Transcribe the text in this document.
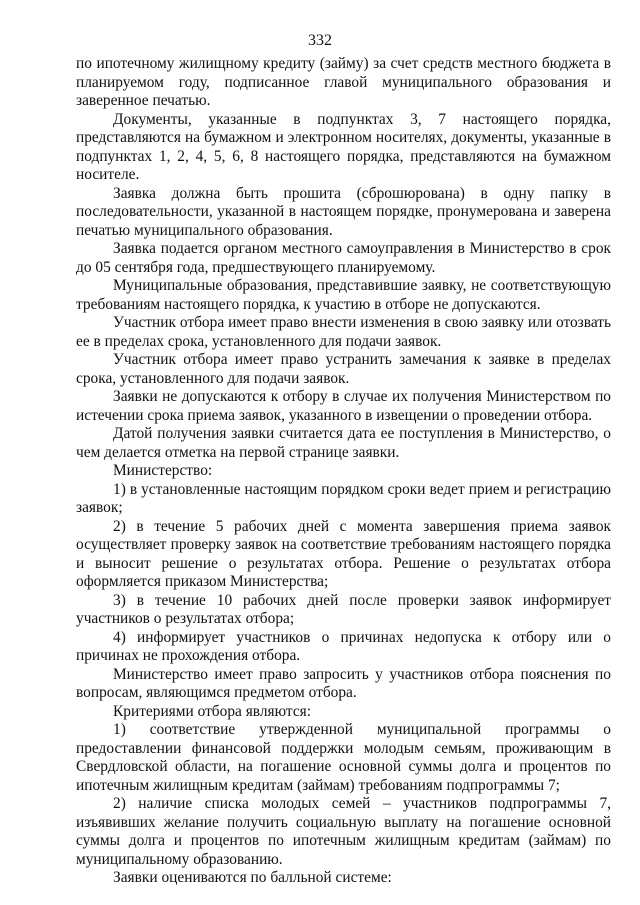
332

по ипотечному жилищному кредиту (займу) за счет средств местного бюджета в планируемом году, подписанное главой муниципального образования и заверенное печатью.

Документы, указанные в подпунктах 3, 7 настоящего порядка, представляются на бумажном и электронном носителях, документы, указанные в подпунктах 1, 2, 4, 5, 6, 8 настоящего порядка, представляются на бумажном носителе.

Заявка должна быть прошита (сброшюрована) в одну папку в последовательности, указанной в настоящем порядке, пронумерована и заверена печатью муниципального образования.

Заявка подается органом местного самоуправления в Министерство в срок до 05 сентября года, предшествующего планируемому.

Муниципальные образования, представившие заявку, не соответствующую требованиям настоящего порядка, к участию в отборе не допускаются.

Участник отбора имеет право внести изменения в свою заявку или отозвать ее в пределах срока, установленного для подачи заявок.

Участник отбора имеет право устранить замечания к заявке в пределах срока, установленного для подачи заявок.

Заявки не допускаются к отбору в случае их получения Министерством по истечении срока приема заявок, указанного в извещении о проведении отбора.

Датой получения заявки считается дата ее поступления в Министерство, о чем делается отметка на первой странице заявки.

Министерство:

1) в установленные настоящим порядком сроки ведет прием и регистрацию заявок;

2) в течение 5 рабочих дней с момента завершения приема заявок осуществляет проверку заявок на соответствие требованиям настоящего порядка и выносит решение о результатах отбора. Решение о результатах отбора оформляется приказом Министерства;

3) в течение 10 рабочих дней после проверки заявок информирует участников о результатах отбора;

4) информирует участников о причинах недопуска к отбору или о причинах не прохождения отбора.

Министерство имеет право запросить у участников отбора пояснения по вопросам, являющимся предметом отбора.

Критериями отбора являются:

1) соответствие утвержденной муниципальной программы о предоставлении финансовой поддержки молодым семьям, проживающим в Свердловской области, на погашение основной суммы долга и процентов по ипотечным жилищным кредитам (займам) требованиям подпрограммы 7;

2) наличие списка молодых семей – участников подпрограммы 7, изъявивших желание получить социальную выплату на погашение основной суммы долга и процентов по ипотечным жилищным кредитам (займам) по муниципальному образованию.

Заявки оцениваются по балльной системе:
